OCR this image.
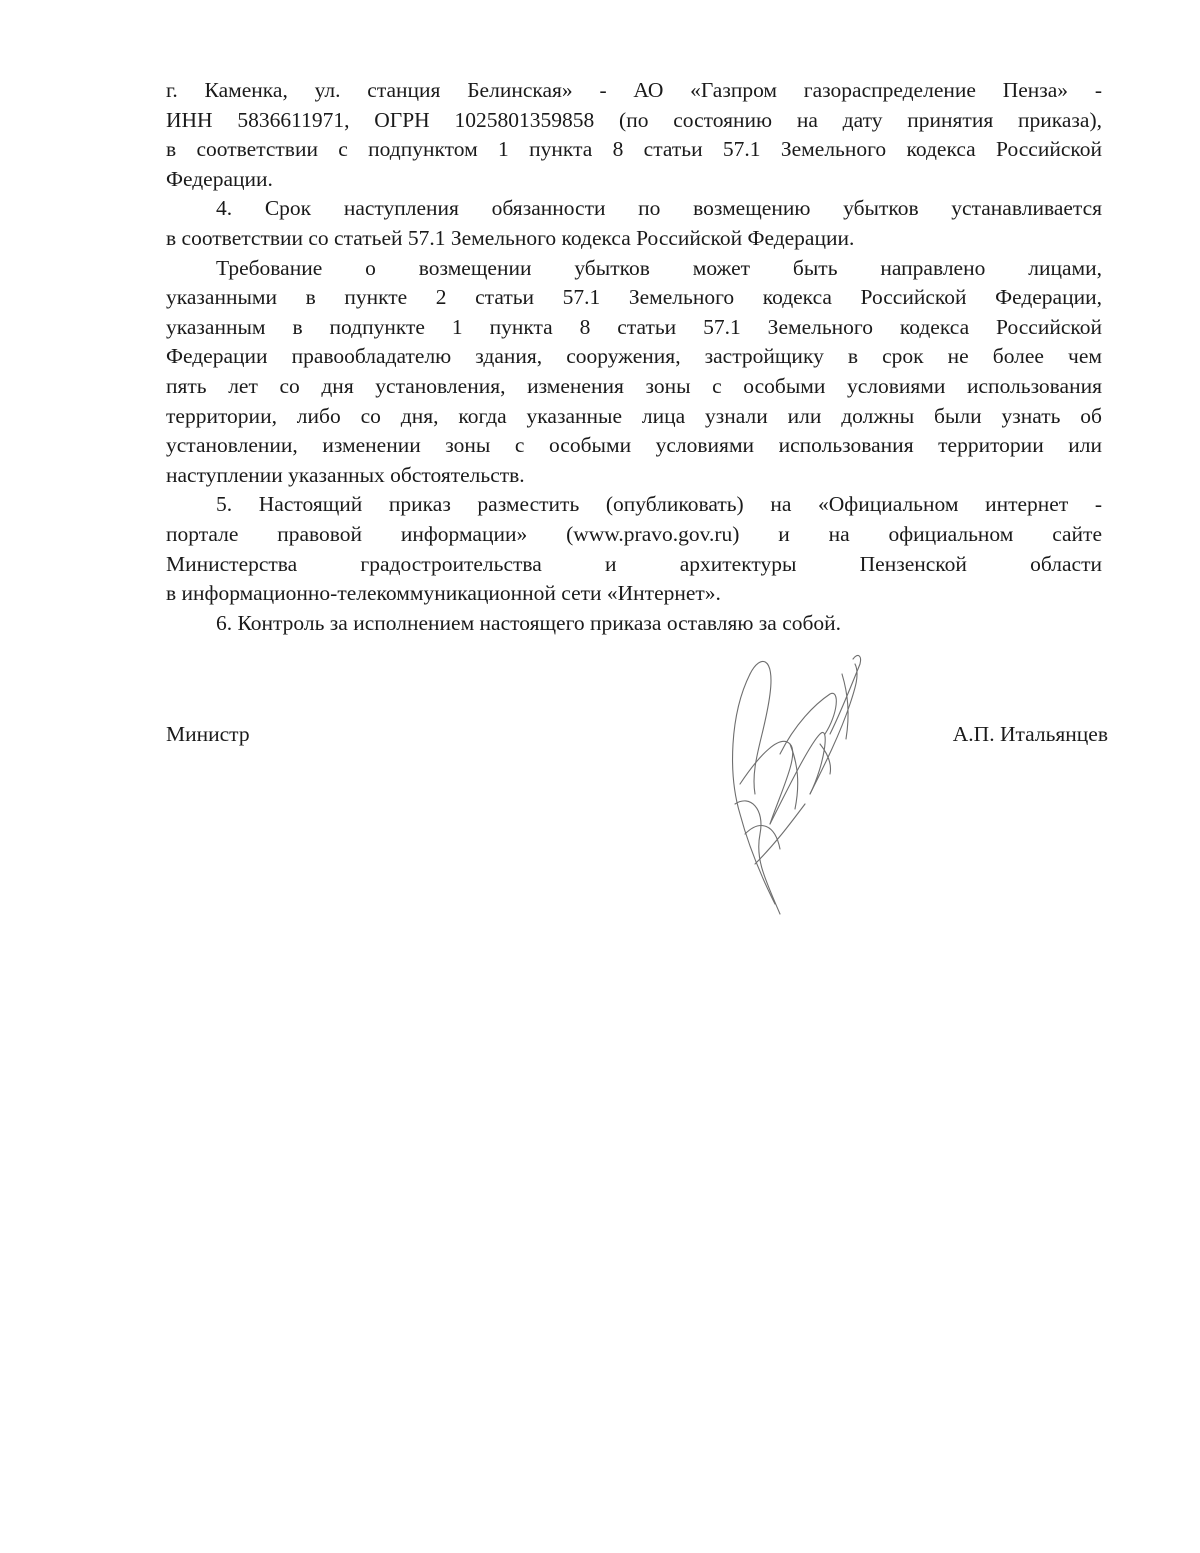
г. Каменка, ул. станция Белинская» - АО «Газпром газораспределение Пенза» -
ИНН 5836611971, ОГРН 1025801359858 (по состоянию на дату принятия приказа),
в соответствии с подпунктом 1 пункта 8 статьи 57.1 Земельного кодекса Российской
Федерации.
4. Срок наступления обязанности по возмещению убытков устанавливается
в соответствии со статьей 57.1 Земельного кодекса Российской Федерации.
Требование о возмещении убытков может быть направлено лицами,
указанными в пункте 2 статьи 57.1 Земельного кодекса Российской Федерации,
указанным в подпункте 1 пункта 8 статьи 57.1 Земельного кодекса Российской
Федерации правообладателю здания, сооружения, застройщику в срок не более чем
пять лет со дня установления, изменения зоны с особыми условиями использования
территории, либо со дня, когда указанные лица узнали или должны были узнать об
установлении, изменении зоны с особыми условиями использования территории или
наступлении указанных обстоятельств.
5. Настоящий приказ разместить (опубликовать) на «Официальном интернет -
портале правовой информации» (www.pravo.gov.ru) и на официальном сайте
Министерства градостроительства и архитектуры Пензенской области
в информационно-телекоммуникационной сети «Интернет».
6. Контроль за исполнением настоящего приказа оставляю за собой.
Министр	А.П. Итальянцев
